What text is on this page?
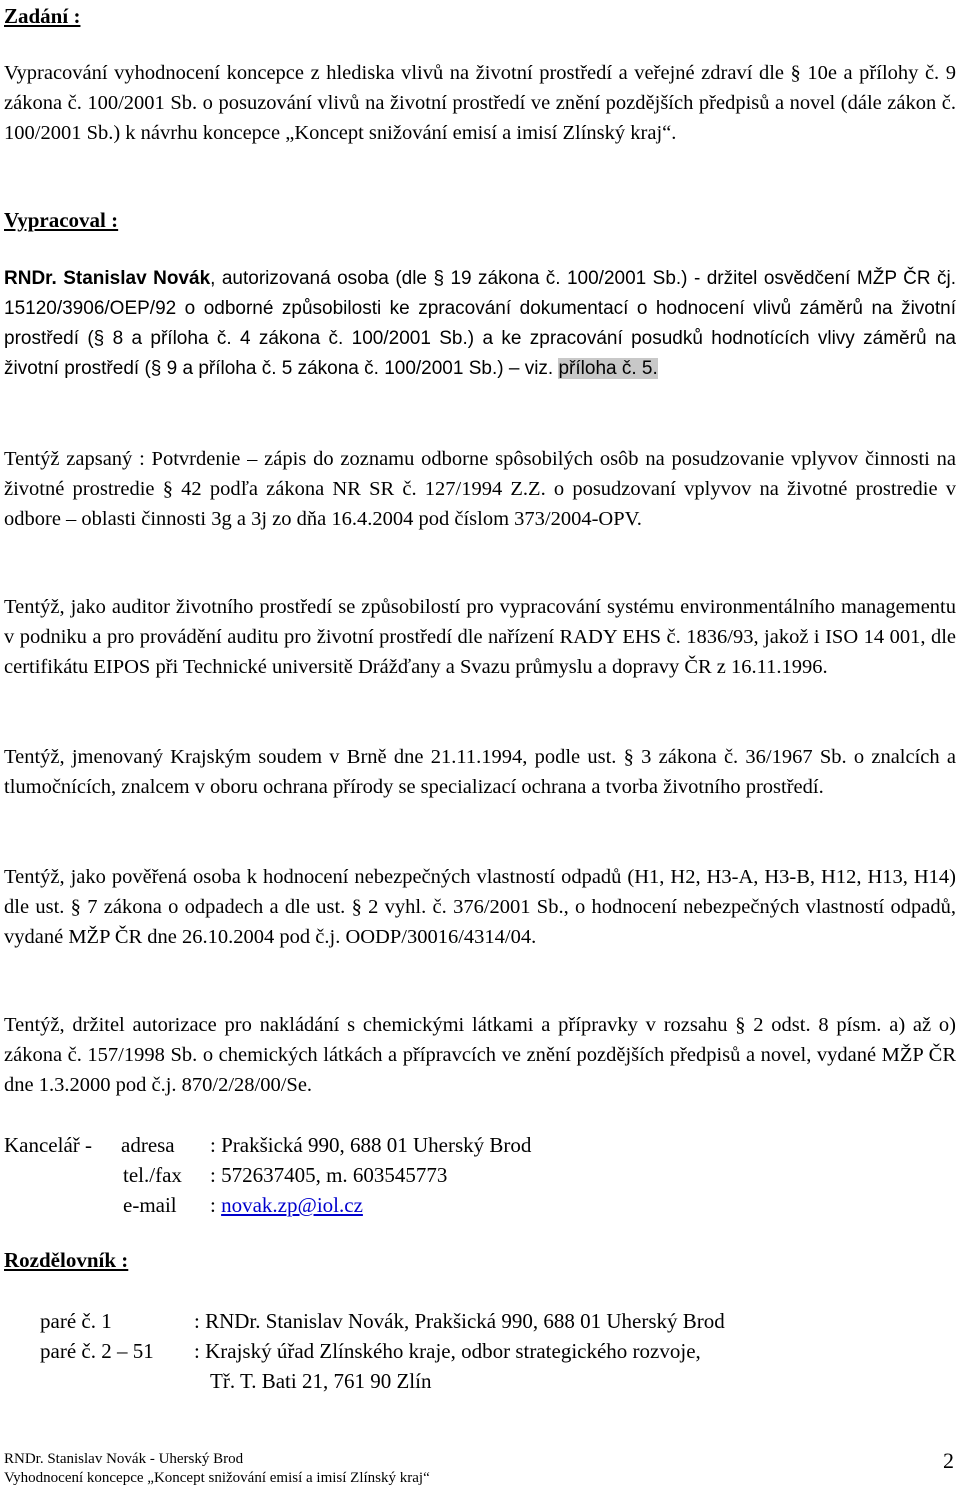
Zadání :
Vypracování vyhodnocení koncepce z hlediska vlivů na životní prostředí a veřejné zdraví dle § 10e a přílohy č. 9 zákona č. 100/2001 Sb. o posuzování vlivů na životní prostředí ve znění pozdějších předpisů a novel (dále zákon č. 100/2001 Sb.) k návrhu koncepce „Koncept snižování emisí a imisí Zlínský kraj“.
Vypracoval :
RNDr. Stanislav Novák, autorizovaná osoba (dle § 19 zákona č. 100/2001 Sb.) - držitel osvědčení MŽP ČR čj. 15120/3906/OEP/92 o odborné způsobilosti ke zpracování dokumentací o hodnocení vlivů záměrů na životní prostředí (§ 8 a příloha č. 4 zákona č. 100/2001 Sb.) a ke zpracování posudků hodnotících vlivy záměrů na životní prostředí (§ 9 a příloha č. 5 zákona č. 100/2001 Sb.) – viz. příloha č. 5.
Tentýž zapsaný : Potvrdenie – zápis do zoznamu odborne spôsobilých osôb na posudzovanie vplyvov činnosti na životné prostredie § 42 podľa zákona NR SR č. 127/1994 Z.Z. o posudzovaní vplyvov na životné prostredie v odbore – oblasti činnosti 3g a 3j zo dňa 16.4.2004 pod číslom 373/2004-OPV.
Tentýž, jako auditor životního prostředí se způsobilostí pro vypracování systému environmentálního managementu v podniku a pro provádění auditu pro životní prostředí dle nařízení RADY EHS č. 1836/93, jakož i ISO 14 001, dle certifikátu EIPOS při Technické universitě Drážďany a Svazu průmyslu a dopravy ČR z 16.11.1996.
Tentýž, jmenovaný Krajským soudem v Brně dne 21.11.1994, podle ust. § 3 zákona č. 36/1967 Sb. o znalcích a tlumočnících, znalcem v oboru ochrana přírody se specializací ochrana a tvorba životního prostředí.
Tentýž, jako pověřená osoba k hodnocení nebezpečných vlastností odpadů (H1, H2, H3-A, H3-B, H12, H13, H14) dle ust. § 7 zákona o odpadech a dle ust. § 2 vyhl. č. 376/2001 Sb., o hodnocení nebezpečných vlastností odpadů, vydané MŽP ČR dne 26.10.2004 pod č.j. OODP/30016/4314/04.
Tentýž, držitel autorizace pro nakládání s chemickými látkami a přípravky v rozsahu § 2 odst. 8 písm. a) až o) zákona č. 157/1998 Sb. o chemických látkách a přípravcích ve znění pozdějších předpisů a novel, vydané MŽP ČR dne 1.3.2000 pod č.j. 870/2/28/00/Se.
Kancelář - adresa : Prakšická 990, 688 01 Uherský Brod
tel./fax : 572637405, m. 603545773
e-mail : novak.zp@iol.cz
Rozdělovník :
paré č. 1	: RNDr. Stanislav Novák, Prakšická 990, 688 01 Uherský Brod
paré č. 2 – 51 : Krajský úřad Zlínského kraje, odbor strategického rozvoje,
Tř. T. Bati 21, 761 90 Zlín
RNDr. Stanislav Novák - Uherský Brod
Vyhodnocení koncepce „Koncept snižování emisí a imisí Zlínský kraj“
2
